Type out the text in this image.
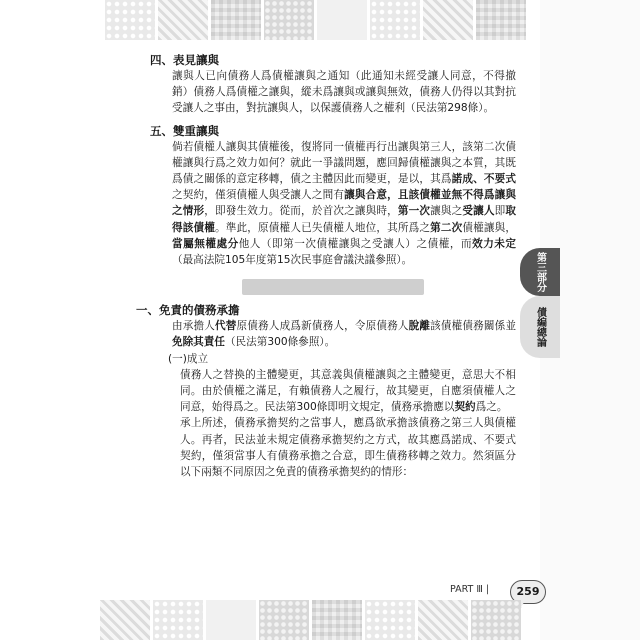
四、表見讓與

讓與人已向債務人爲債權讓與之通知（此通知未經受讓人同意，不得撤銷）債務人爲債權之讓與，縱未爲讓與或讓與無效，債務人仍得以其對抗受讓人之事由，對抗讓與人，以保護債務人之權利（民法第298條）。

五、雙重讓與

倘若債權人讓與其債權後，復將同一債權再行出讓與第三人，該第二次債權讓與行爲之效力如何？就此一爭議問題，應回歸債權讓與之本質，其既爲債之關係的意定移轉，債之主體因此而變更，是以，其爲諾成、不要式之契約，僅須債權人與受讓人之間有讓與合意，且該債權並無不得爲讓與之情形，即發生效力。從而，於首次之讓與時，第一次讓與之受讓人即取得該債權。準此，原債權人已失債權人地位，其所爲之第二次債權讓與，當屬無權處分他人（即第一次債權讓與之受讓人）之債權，而效力未定（最高法院105年度第15次民事庭會議決議參照）。

一、免責的債務承擔

由承擔人代替原債務人成爲新債務人，令原債務人脫離該債權債務關係並免除其責任（民法第300條參照）。

(一)成立

債務人之替換的主體變更，其意義與債權讓與之主體變更，意思大不相同。由於債權之滿足，有賴債務人之履行，故其變更，自應須債權人之同意，始得爲之。民法第300條即明文規定，債務承擔應以契約爲之。

承上所述，債務承擔契約之當事人，應爲欲承擔該債務之第三人與債權人。再者，民法並未規定債務承擔契約之方式，故其應爲諾成、不要式契約，僅須當事人有債務承擔之合意，即生債務移轉之效力。然須區分以下兩類不同原因之免責的債務承擔契約的情形：

第三部分
債編總論
PART Ⅲ |	259
